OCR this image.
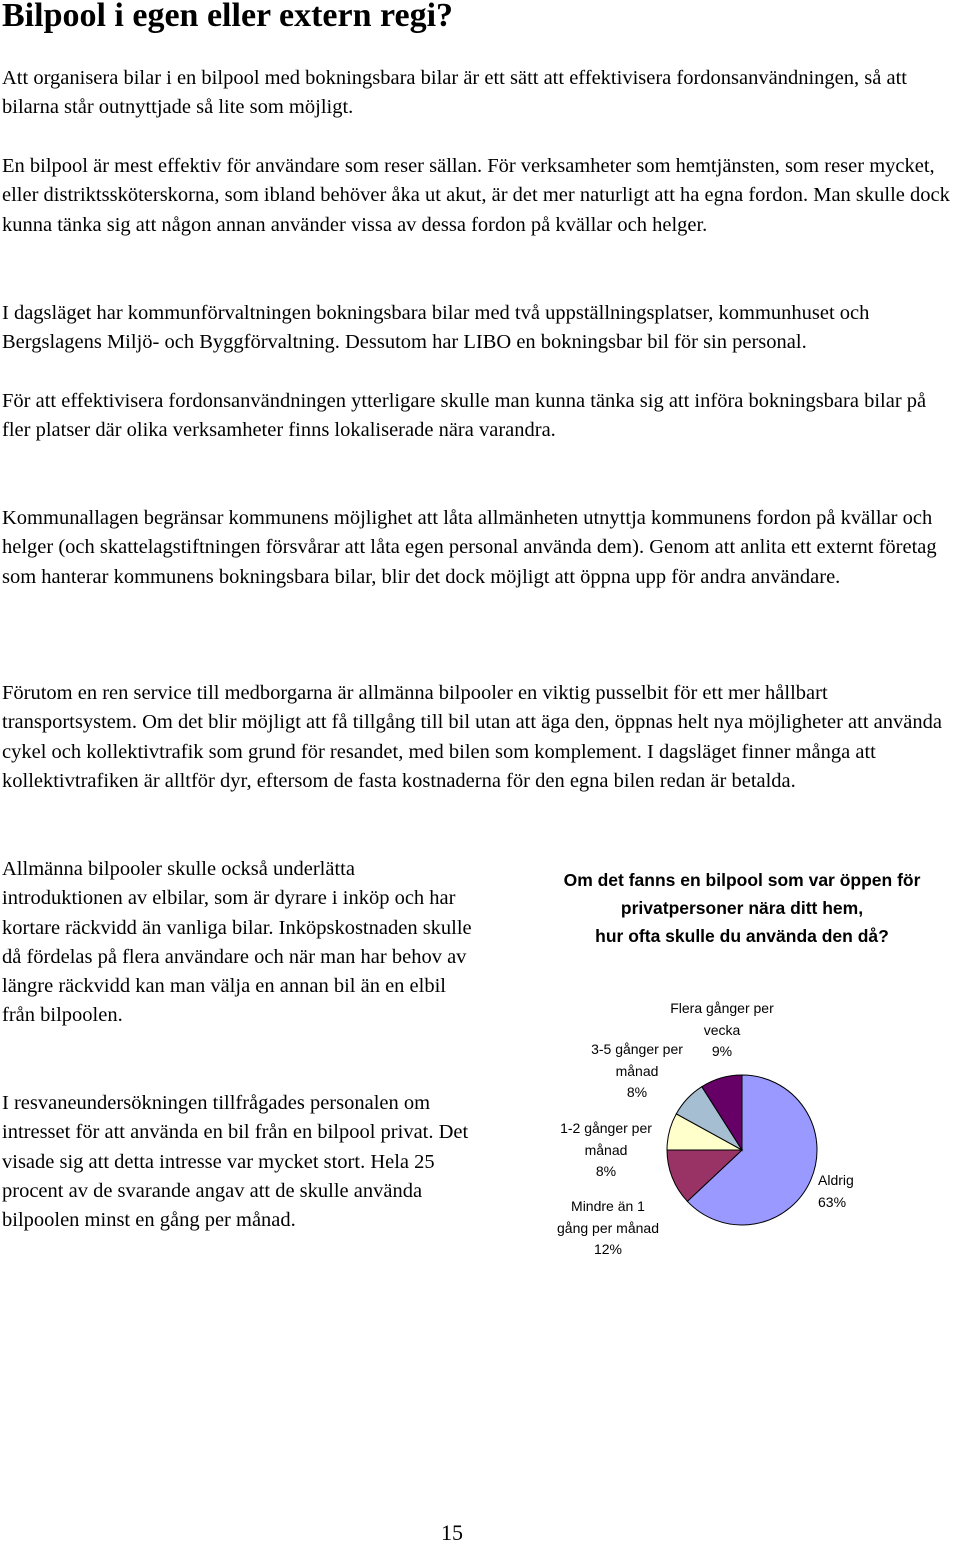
Bilpool i egen eller extern regi?

Att organisera bilar i en bilpool med bokningsbara bilar är ett sätt att effektivisera fordonsanvändningen, så att bilarna står outnyttjade så lite som möjligt.

En bilpool är mest effektiv för användare som reser sällan. För verksamheter som hemtjänsten, som reser mycket, eller distriktssköterskorna, som ibland behöver åka ut akut, är det mer naturligt att ha egna fordon. Man skulle dock kunna tänka sig att någon annan använder vissa av dessa fordon på kvällar och helger.

I dagsläget har kommunförvaltningen bokningsbara bilar med två uppställningsplatser, kommunhuset och Bergslagens Miljö- och Byggförvaltning. Dessutom har LIBO en bokningsbar bil för sin personal.

För att effektivisera fordonsanvändningen ytterligare skulle man kunna tänka sig att införa bokningsbara bilar på fler platser där olika verksamheter finns lokaliserade nära varandra.

Kommunallagen begränsar kommunens möjlighet att låta allmänheten utnyttja kommunens fordon på kvällar och helger (och skattelagstiftningen försvårar att låta egen personal använda dem). Genom att anlita ett externt företag som hanterar kommunens bokningsbara bilar, blir det dock möjligt att öppna upp för andra användare.

Förutom en ren service till medborgarna är allmänna bilpooler en viktig pusselbit för ett mer hållbart transportsystem. Om det blir möjligt att få tillgång till bil utan att äga den, öppnas helt nya möjligheter att använda cykel och kollektivtrafik som grund för resandet, med bilen som komplement. I dagsläget finner många att kollektivtrafiken är alltför dyr, eftersom de fasta kostnaderna för den egna bilen redan är betalda.

Allmänna bilpooler skulle också underlätta introduktionen av elbilar, som är dyrare i inköp och har kortare räckvidd än vanliga bilar. Inköpskostnaden skulle då fördelas på flera användare och när man har behov av längre räckvidd kan man välja en annan bil än en elbil från bilpoolen.

I resvaneundersökningen tillfrågades personalen om intresset för att använda en bil från en bilpool privat. Det visade sig att detta intresse var mycket stort. Hela 25 procent av de svarande angav att de skulle använda bilpoolen minst en gång per månad.

Om det fanns en bilpool som var öppen för
privatpersoner nära ditt hem,
hur ofta skulle du använda den då?
Aldrig
63%
Mindre än 1
gång per månad
12%
1-2 gånger per
månad
8%
3-5 gånger per
månad
8%
Flera gånger per
vecka
9%
15
